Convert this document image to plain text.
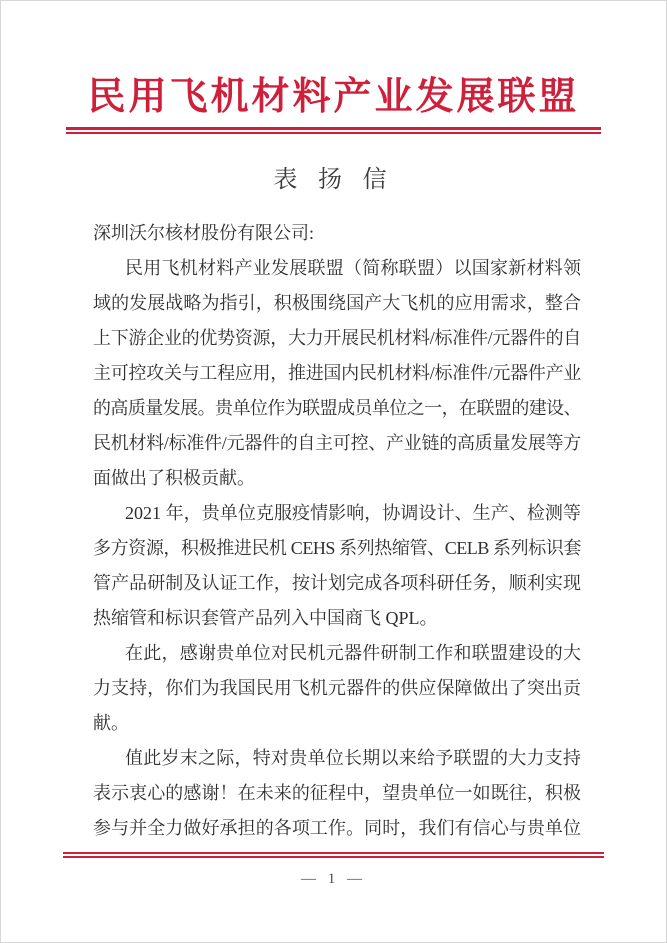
民用飞机材料产业发展联盟
表 扬 信
深圳沃尔核材股份有限公司:
民用飞机材料产业发展联盟（简称联盟）以国家新材料领
域的发展战略为指引，积极围绕国产大飞机的应用需求，整合
上下游企业的优势资源，大力开展民机材料/标准件/元器件的自
主可控攻关与工程应用，推进国内民机材料/标准件/元器件产业
的高质量发展。贵单位作为联盟成员单位之一，在联盟的建设、
民机材料/标准件/元器件的自主可控、产业链的高质量发展等方
面做出了积极贡献。
2021 年，贵单位克服疫情影响，协调设计、生产、检测等
多方资源，积极推进民机 CEHS 系列热缩管、CELB 系列标识套
管产品研制及认证工作，按计划完成各项科研任务，顺利实现
热缩管和标识套管产品列入中国商飞 QPL。
在此，感谢贵单位对民机元器件研制工作和联盟建设的大
力支持，你们为我国民用飞机元器件的供应保障做出了突出贡
献。
值此岁末之际，特对贵单位长期以来给予联盟的大力支持
表示衷心的感谢！在未来的征程中，望贵单位一如既往，积极
参与并全力做好承担的各项工作。同时，我们有信心与贵单位
— 1 —
